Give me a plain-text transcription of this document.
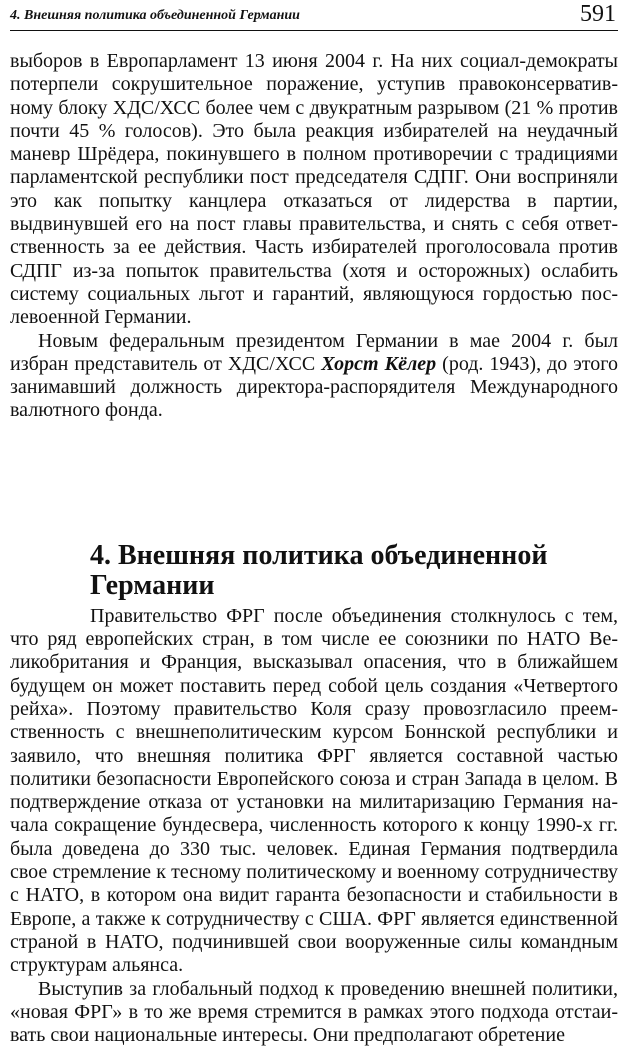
4. Внешняя политика объединенной Германии	591

выборов в Европарламент 13 июня 2004 г. На них социал-демократы потерпели сокрушительное поражение, уступив правоконсервативному блоку ХДС/ХСС более чем с двукратным разрывом (21 % против почти 45 % голосов). Это была реакция избирателей на неудачный маневр Шрёдера, покинувшего в полном противоречии с традициями парламентской республики пост председателя СДПГ. Они восприняли это как попытку канцлера отказаться от лидерства в партии, выдвинувшей его на пост главы правительства, и снять с себя ответственность за ее действия. Часть избирателей проголосовала против СДПГ из-за попыток правительства (хотя и осторожных) ослабить систему социальных льгот и гарантий, являющуюся гордостью послевоенной Германии.

Новым федеральным президентом Германии в мае 2004 г. был избран представитель от ХДС/ХСС Хорст Кёлер (род. 1943), до этого занимавший должность директора-распорядителя Международного валютного фонда.

4. Внешняя политика объединенной Германии

Правительство ФРГ после объединения столкнулось с тем, что ряд европейских стран, в том числе ее союзники по НАТО Великобритания и Франция, высказывал опасения, что в ближайшем будущем он может поставить перед собой цель создания «Четвертого рейха». Поэтому правительство Коля сразу провозгласило преемственность с внешнеполитическим курсом Боннской республики и заявило, что внешняя политика ФРГ является составной частью политики безопасности Европейского союза и стран Запада в целом. В подтверждение отказа от установки на милитаризацию Германия начала сокращение бундесвера, численность которого к концу 1990-х гг. была доведена до 330 тыс. человек. Единая Германия подтвердила свое стремление к тесному политическому и военному сотрудничеству с НАТО, в котором она видит гаранта безопасности и стабильности в Европе, а также к сотрудничеству с США. ФРГ является единственной страной в НАТО, подчинившей свои вооруженные силы командным структурам альянса.

Выступив за глобальный подход к проведению внешней политики, «новая ФРГ» в то же время стремится в рамках этого подхода отстаивать свои национальные интересы. Они предполагают обретение
